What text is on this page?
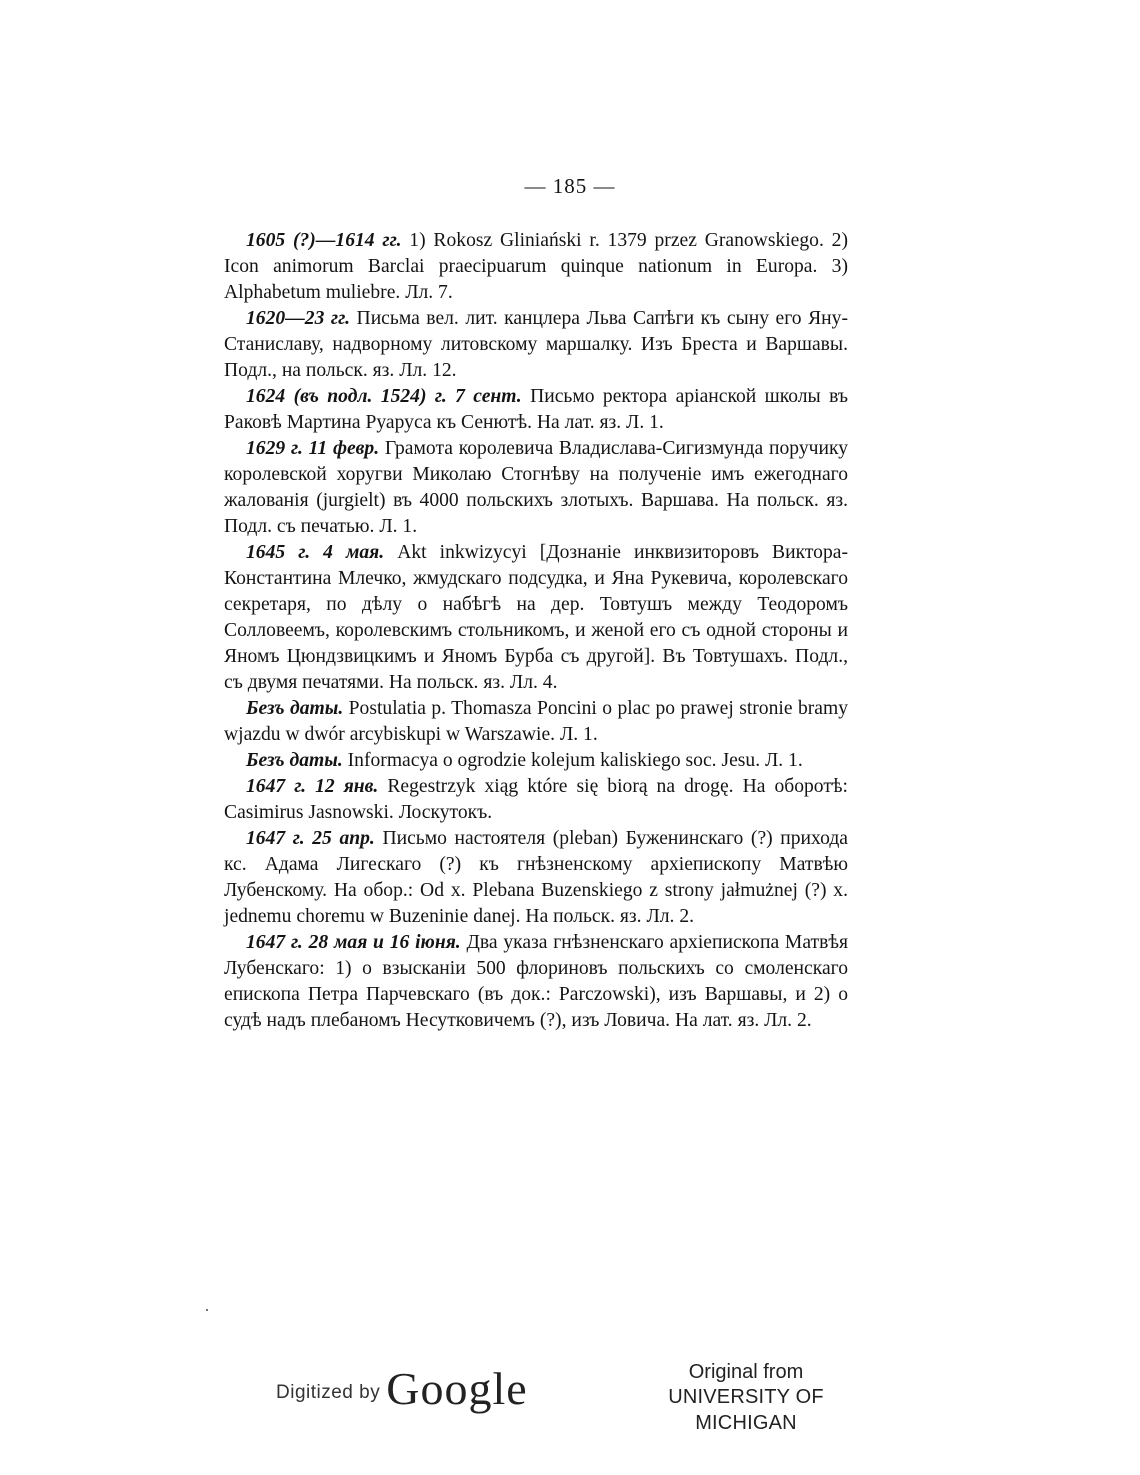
— 185 —

1605 (?)—1614 гг. 1) Rokosz Gliniański r. 1379 przez Granowskiego. 2) Icon animorum Barclai praecipuarum quinque nationum in Europa. 3) Alphabetum muliebre. Лл. 7.

1620—23 гг. Письма вел. лит. канцлера Льва Сапѣги къ сыну его Яну-Станиславу, надворному литовскому маршалку. Изъ Бреста и Варшавы. Подл., на польск. яз. Лл. 12.

1624 (въ подл. 1524) г. 7 сент. Письмо ректора аріанской школы въ Раковѣ Мартина Руаруса къ Сенютѣ. На лат. яз. Л. 1.

1629 г. 11 февр. Грамота королевича Владислава-Сигизмунда поручику королевской хоругви Миколаю Стогнѣву на полученіе имъ ежегоднаго жалованія (jurgielt) въ 4000 польскихъ злотыхъ. Варшава. На польск. яз. Подл. съ печатью. Л. 1.

1645 г. 4 мая. Akt inkwizycyi [Дознаніе инквизиторовъ Виктора-Константина Млечко, жмудскаго подсудка, и Яна Рукевича, королевскаго секретаря, по дѣлу о набѣгѣ на дер. Товтушъ между Теодоромъ Солловеемъ, королевскимъ стольникомъ, и женой его съ одной стороны и Яномъ Цюндзвицкимъ и Яномъ Бурба съ другой]. Въ Товтушахъ. Подл., съ двумя печатями. На польск. яз. Лл. 4.

Безъ даты. Postulatia p. Thomasza Poncini o plac po prawej stronie bramy wjazdu w dwór arcybiskupi w Warszawie. Л. 1.

Безъ даты. Informacya o ogrodzie kolejum kaliskiego soc. Jesu. Л. 1.

1647 г. 12 янв. Regestrzyk xiąg które się biorą na drogę. На оборотѣ: Casimirus Jasnowski. Лоскутокъ.

1647 г. 25 апр. Письмо настоятеля (pleban) Буженинскаго (?) прихода кс. Адама Лигескаго (?) къ гнѣзненскому архіепископу Матвѣю Лубенскому. На обор.: Od x. Plebana Buzenskiego z strony jałmużnej (?) x. jednemu choremu w Buzeninie danej. На польск. яз. Лл. 2.

1647 г. 28 мая и 16 іюня. Два указа гнѣзненскаго архіепископа Матвѣя Лубенскаго: 1) о взысканіи 500 флориновъ польскихъ со смоленскаго епископа Петра Парчевскаго (въ док.: Parczowski), изъ Варшавы, и 2) о судѣ надъ плебаномъ Несутковичемъ (?), изъ Ловича. На лат. яз. Лл. 2.

Digitized by Google	Original from
UNIVERSITY OF MICHIGAN
